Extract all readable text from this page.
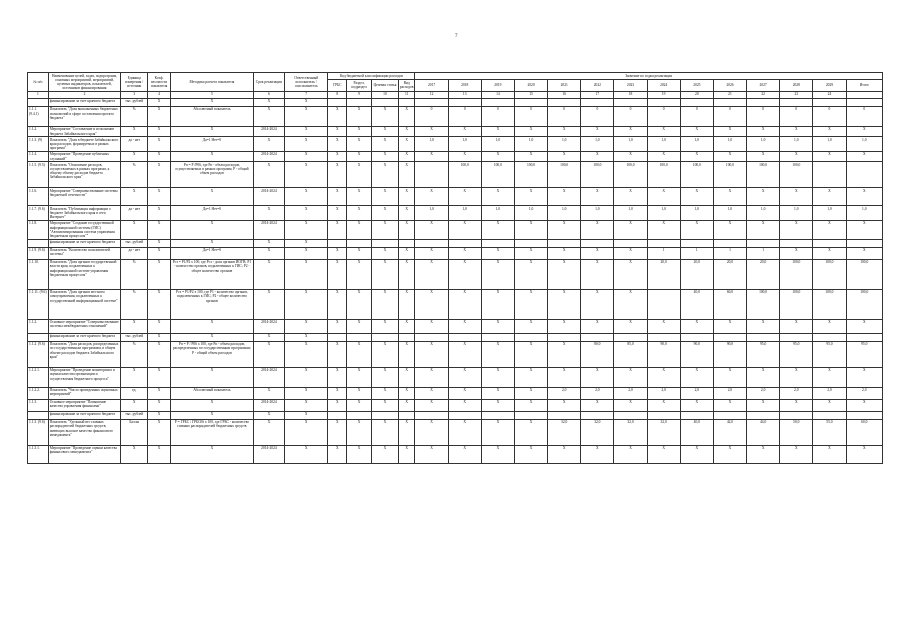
7
№ п/п	Наименование целей, задач, подпрограмм, основных мероприятий, мероприятий, целевых индикаторов, показателей, источников финансирования	Единица измерения / источник	Коэф. весомости показателя	Методика расчета показателя	Срок реализации	Ответственный исполнитель / соисполнитель	Код бюджетной классификации расходов				Значение по годам реализации													
							ГРБС	Раздел, подраздел	Целевая статья	Вид расходов	2017	2018	2019	2020	2021	2022	2023	2024	2025	2026	2027	2028	2029	Итого
1	2	3	4	5	6	7	8	9	10	11	12	13	14	15	16	17	18	19	20	21	22	23	24	
	финансирование за счет краевого бюджета	тыс. рублей	Х	Х	Х	Х																		
1.1.1. (9.4.1)	Показатель "Доля выполненных бюджетных полномочий в сфере составления проекта бюджета"	%	Х	Абсолютный показатель	Х	Х	Х	Х	Х	Х	0	0	0	0	0	0	0	0	0	0	0	0	0	0
1.1.2.	Мероприятие "Составление и исполнение бюджета Забайкальского края"	Х	Х	Х	2014-2024	Х	Х	Х	Х	Х	Х	Х	Х	Х	Х	Х	Х	Х	Х	Х	Х	Х	Х	Х
1.1.3. (9)	Показатель "Доля в бюджете Забайкальского края расходов, формируемых в рамках программ"	да - нет	Х	Да=1 Нет=0	Х	Х	Х	Х	Х	Х	1,0	1,0	1,0	1,0	1,0	1,0	1,0	1,0	1,0	1,0	1,0	1,0	1,0	1,0
1.1.4.	Мероприятие "Проведение публичных слушаний"	Х	Х	Х	2014-2024	Х	Х	Х	Х	Х	Х	Х	Х	Х	Х	Х	Х	Х	Х	Х	Х	Х	Х	Х
1.1.5. (9.5)	Показатель "Отношение расходов, осуществляемых в рамках программ, к общему объему расходов бюджета Забайкальского края"	%	Х	Рп = Р /Р06, где Рп - объем расходов, осуществляемых в рамках программ; Р - общий объем расходов	Х	Х	Х	Х	Х	Х		100,0	100,0	100,0	100,0	100,0	100,0	100,0	100,0	100,0	100,0	100,0		
1.1.6.	Мероприятие "Совершенствование системы бюджетной отчетности"	Х	Х	Х	2014-2024	Х	Х	Х	Х	Х	Х	Х	Х	Х	Х	Х	Х	Х	Х	Х	Х	Х	Х	Х
1.1.7. (9.6)	Показатель "Публикация информации о бюджете Забайкальского края в сети Интернет"	да - нет	Х	Да=1 Нет=0	Х	Х	Х	Х	Х	Х	1,0	1,0	1,0	1,0	1,0	1,0	1,0	1,0	1,0	1,0	1,0	1,0	1,0	1,0
1.1.8.	Мероприятие "Создание государственной информационной системы (ГИС) "Автоматизированная система управления бюджетным процессом""	Х	Х	Х	2014-2024	Х	Х	Х	Х	Х	Х	Х	Х	Х	Х	Х	Х	Х	Х	Х	Х	Х	Х	Х
	финансирование за счет краевого бюджета	тыс. рублей	Х	Х	Х	Х																		
1.1.9. (9.6)	Показатель "Количество пользователей системы"	да - нет	Х	Да=1 Нет=0	Х	Х	Х	Х	Х	Х	Х	Х	Х	Х	Х	Х	Х	1	1	1	1	Х	Х	Х
1.1.10.	Показатель "Доля органов государственной власти края, подключенных к информационной системе управления бюджетным процессом"	%	Х	Рсэ = Р1/Р2 х 100, где Рсэ - доля органов ИОГВ; Р1 - количество органов, подключенных к ГИС; Р2 - общее количество органов	Х	Х	Х	Х	Х	Х	Х	Х	Х	Х	Х	Х	Х	20,0	20,0	20,0	20,0	100,0	100,0	100,0
1.1.11. (9.6)	Показатель "Доля органов местного самоуправления, подключенных к государственной информационной системе"	%	Х	Рсэ = Р1/Р2 х 100, где Р1 - количество органов, подключенных к ГИС; Р2 - общее количество органов	Х	Х	Х	Х	Х	Х	Х	Х	Х	Х	Х	Х	Х		40,0	60,0	100,0	100,0	100,0	100,0
1.1.2.	Основное мероприятие "Совершенствование системы межбюджетных отношений"	Х	Х	Х	2014-2024	Х	Х	Х	Х	Х	Х	Х	Х	Х	Х	Х	Х	Х	Х	Х	Х	Х	Х	Х
	финансирование за счет краевого бюджета	тыс. рублей	Х	Х	Х	Х																		
1.1.2. (9.6)	Показатель "Доля расходов, распределенных по государственным программам, в общем объеме расходов бюджета Забайкальского края"	%	Х	Рп = Р / Р06 х 100, где Рп - объем расходов, распределенных по государственным программам; Р - общий объем расходов	Х	Х	Х	Х	Х	Х	Х	Х	Х	Х	Х	80,0	85,0	90,0	90,0	90,0	95,0	95,0	95,0	95,0
1.1.2.1.	Мероприятие "Проведение мониторинга и оценки качества организации и осуществления бюджетного процесса"	Х	Х	Х	2014-2024	Х	Х	Х	Х	Х	Х	Х	Х	Х	Х	Х	Х	Х	Х	Х	Х	Х	Х	Х
1.1.2.2.	Показатель "Число проведенных оценочных мероприятий"	ед.	Х	Абсолютный показатель	Х	Х	Х	Х	Х	Х	Х	Х	Х	Х	2,0	2,0	2,0	2,0	2,0	2,0	2,0	2,0	2,0	2,0
1.1.3.	Основное мероприятие "Повышение качества управления финансами"	Х	Х	Х	2014-2024	Х	Х	Х	Х	Х	Х	Х	Х	Х	Х	Х	Х	Х	Х	Х	Х	Х	Х	Х
	финансирование за счет краевого бюджета	тыс. рублей	Х	Х	Х	Х																		
1.1.3. (9.6)	Показатель "Удельный вес главных распорядителей бюджетных средств, имеющих высокое качество финансового менеджмента"	Баллы	Х	Р = ГРБС / ГРБС06 х 100, где ГРБС - количество главных распорядителей бюджетных средств	Х	Х	Х	Х	Х	Х	Х	Х	Х	Х	32,0	32,0	32,0	32,0	40,0	42,0	44,0	50,0	55,0	60,0
1.1.3.1.	Мероприятие "Проведение оценки качества финансового менеджмента"	Х	Х	Х	2014-2024	Х	Х	Х	Х	Х	Х	Х	Х	Х	Х	Х	Х	Х	Х	Х	Х	Х	Х	Х
